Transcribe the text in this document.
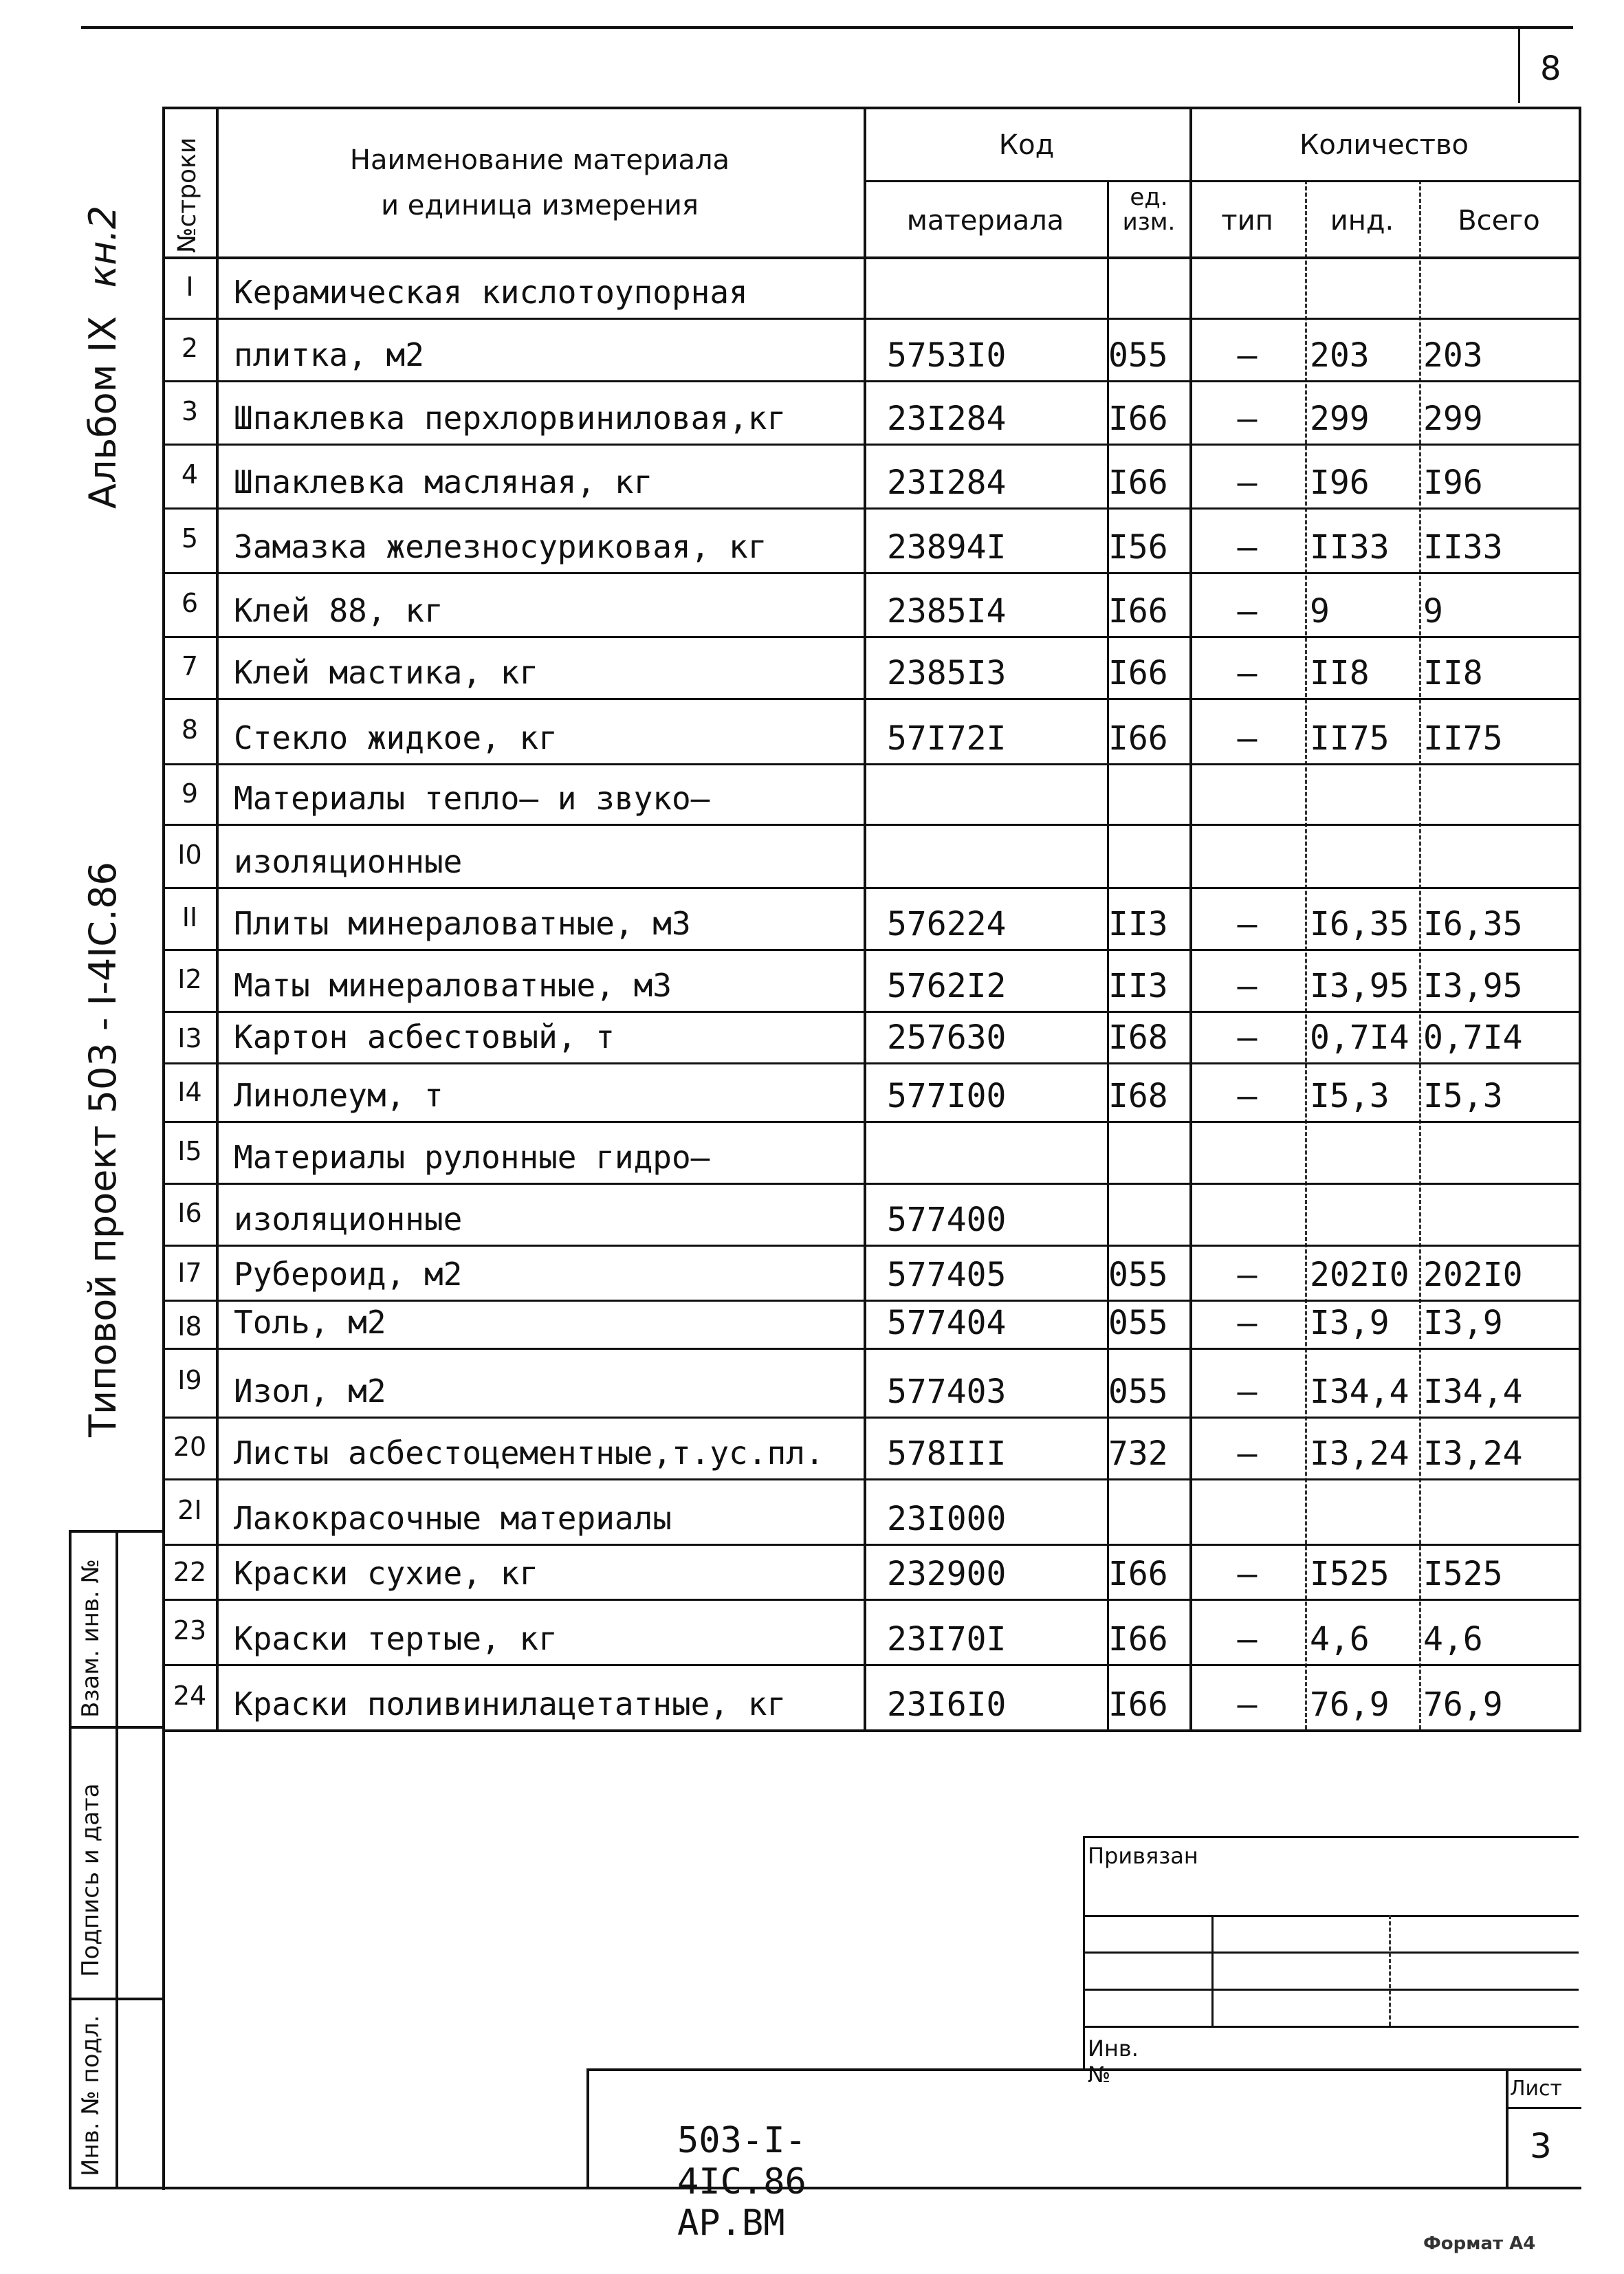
8
Альбом IX кн.2
Типовой проект 503 - I-4IC.86
№строки	Наименование материала
и единица измерения
Код	Количество
материала
ед. изм.	тип	инд.	Всего
I	Керамическая кислотоупорная
2	плитка, м2	5753I0	055	–	203	203
3	Шпаклевка перхлорвиниловая,кг	23I284	I66	–	299	299
4	Шпаклевка масляная, кг	23I284	I66	–	I96	I96
5	Замазка железносуриковая, кг	23894I	I56	–	II33	II33
6	Клей 88, кг	2385I4	I66	–	9	9
7	Клей мастика, кг	2385I3	I66	–	II8	II8
8	Стекло жидкое, кг	57I72I	I66	–	II75	II75
9	Материалы тепло– и звуко–
I0	изоляционные
II	Плиты минераловатные, м3	576224	II3	–	I6,35 I6,35
I2	Маты минераловатные, м3	5762I2	II3	–	I3,95 I3,95
I3	Картон асбестовый, т	257630	I68	–	0,7I4 0,7I4
I4	Линолеум, т	577I00	I68	–	I5,3	I5,3
I5	Материалы рулонные гидро–
I6	изоляционные	577400
I7	Рубероид, м2	577405	055	–	202I0 202I0
I8	Толь, м2	577404	055	–	I3,9	I3,9
I9	Изол, м2	577403	055	–	I34,4 I34,4
20 Листы асбестоцементные,т.ус.пл.	578III	732	–	I3,24 I3,24
2I	Лакокрасочные материалы	23I000
22 Краски сухие, кг	232900	I66	–	I525	I525
23 Краски тертые, кг	23I70I	I66	–	4,6	4,6
24 Краски поливинилацетатные, кг	23I6I0	I66	–	76,9	76,9
Взам. инв. №
Подпись и дата
Инв. № подл.
Привязан
Инв. №
503-I- 4IC.86 АР.ВМ
Лист
3
Формат А4
